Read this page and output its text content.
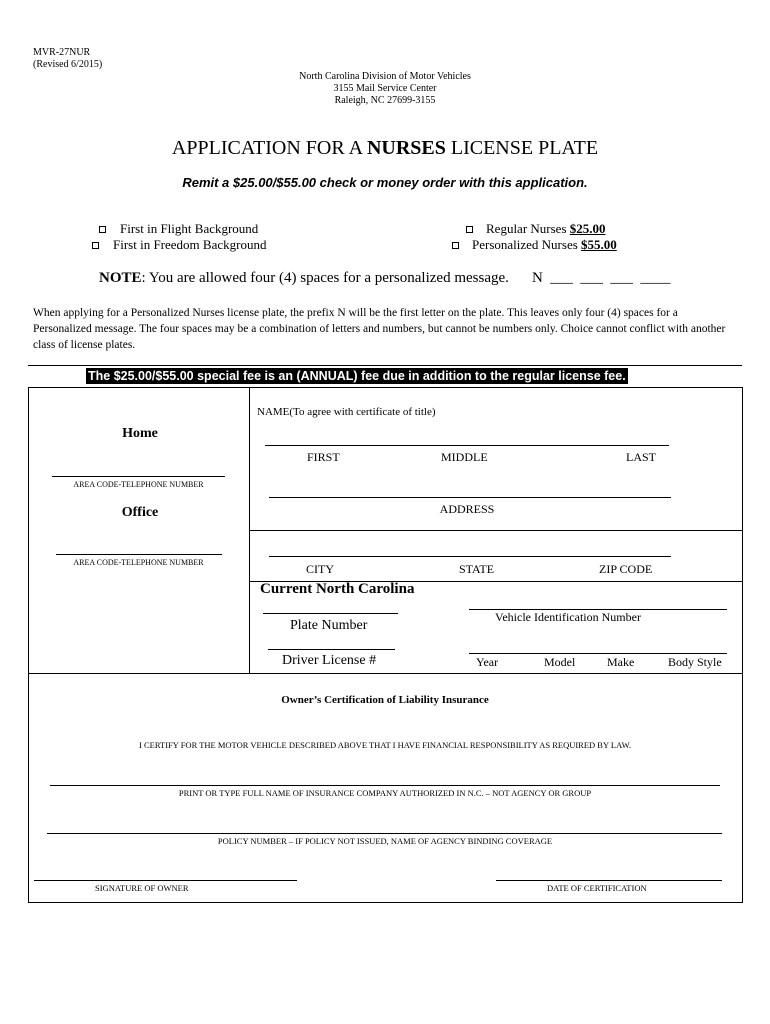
MVR-27NUR
(Revised 6/2015)
North Carolina Division of Motor Vehicles
3155 Mail Service Center
Raleigh, NC 27699-3155
APPLICATION FOR A NURSES LICENSE PLATE
Remit a $25.00/$55.00 check or money order with this application.
First in Flight Background
First in Freedom Background
Regular Nurses $25.00
Personalized Nurses $55.00
NOTE: You are allowed four (4) spaces for a personalized message. N ___  ___  ___  ____
When applying for a Personalized Nurses license plate, the prefix N will be the first letter on the plate. This leaves only four (4) spaces for a Personalized message. The four spaces may be a combination of letters and numbers, but cannot be numbers only. Choice cannot conflict with another class of license plates.
The $25.00/$55.00 special fee is an (ANNUAL) fee due in addition to the regular license fee.
Home
AREA CODE-TELEPHONE NUMBER
Office
AREA CODE-TELEPHONE NUMBER
NAME(To agree with certificate of title)
FIRST	MIDDLE	LAST
ADDRESS
CITY	STATE	ZIP CODE
Current North Carolina
Plate Number
Driver License #
Vehicle Identification Number
Year	Model	Make	Body Style
Owner’s Certification of Liability Insurance
I CERTIFY FOR THE MOTOR VEHICLE DESCRIBED ABOVE THAT I HAVE FINANCIAL RESPONSIBILITY AS REQUIRED BY LAW.
PRINT OR TYPE FULL NAME OF INSURANCE COMPANY AUTHORIZED IN N.C. – NOT AGENCY OR GROUP
POLICY NUMBER – IF POLICY NOT ISSUED, NAME OF AGENCY BINDING COVERAGE
SIGNATURE OF OWNER	DATE OF CERTIFICATION
